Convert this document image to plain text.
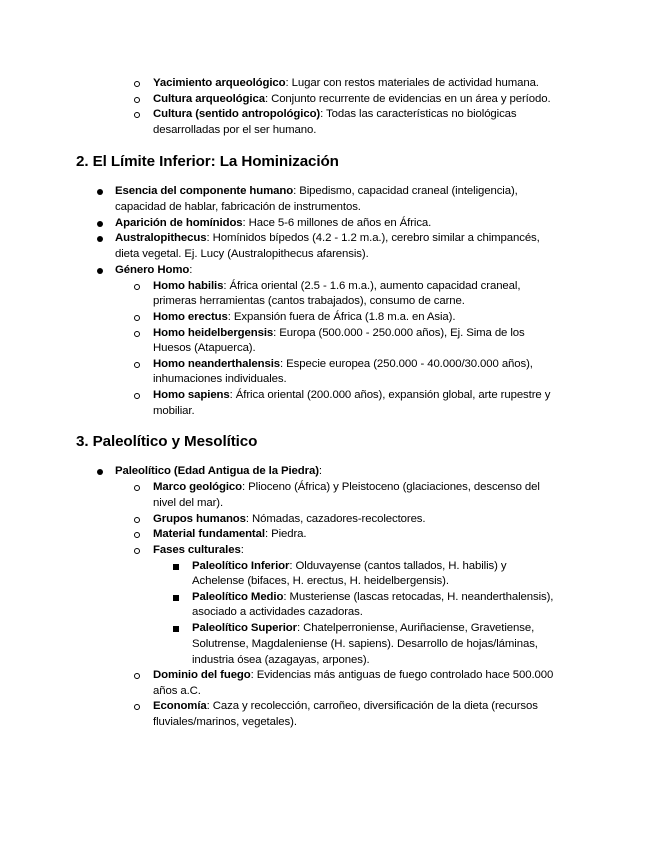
Yacimiento arqueológico: Lugar con restos materiales de actividad humana.
Cultura arqueológica: Conjunto recurrente de evidencias en un área y período.
Cultura (sentido antropológico): Todas las características no biológicas
desarrolladas por el ser humano.
2. El Límite Inferior: La Hominización
Esencia del componente humano: Bipedismo, capacidad craneal (inteligencia),
capacidad de hablar, fabricación de instrumentos.
Aparición de homínidos: Hace 5-6 millones de años en África.
Australopithecus: Homínidos bípedos (4.2 - 1.2 m.a.), cerebro similar a chimpancés,
dieta vegetal. Ej. Lucy (Australopithecus afarensis).
Género Homo:
Homo habilis: África oriental (2.5 - 1.6 m.a.), aumento capacidad craneal,
primeras herramientas (cantos trabajados), consumo de carne.
Homo erectus: Expansión fuera de África (1.8 m.a. en Asia).
Homo heidelbergensis: Europa (500.000 - 250.000 años), Ej. Sima de los
Huesos (Atapuerca).
Homo neanderthalensis: Especie europea (250.000 - 40.000/30.000 años),
inhumaciones individuales.
Homo sapiens: África oriental (200.000 años), expansión global, arte rupestre y
mobiliar.
3. Paleolítico y Mesolítico
Paleolítico (Edad Antigua de la Piedra):
Marco geológico: Plioceno (África) y Pleistoceno (glaciaciones, descenso del
nivel del mar).
Grupos humanos: Nómadas, cazadores-recolectores.
Material fundamental: Piedra.
Fases culturales:
Paleolítico Inferior: Olduvayense (cantos tallados, H. habilis) y
Achelense (bifaces, H. erectus, H. heidelbergensis).
Paleolítico Medio: Musteriense (lascas retocadas, H. neanderthalensis),
asociado a actividades cazadoras.
Paleolítico Superior: Chatelperroniense, Auriñaciense, Gravetiense,
Solutrense, Magdaleniense (H. sapiens). Desarrollo de hojas/láminas,
industria ósea (azagayas, arpones).
Dominio del fuego: Evidencias más antiguas de fuego controlado hace 500.000
años a.C.
Economía: Caza y recolección, carroñeo, diversificación de la dieta (recursos
fluviales/marinos, vegetales).
